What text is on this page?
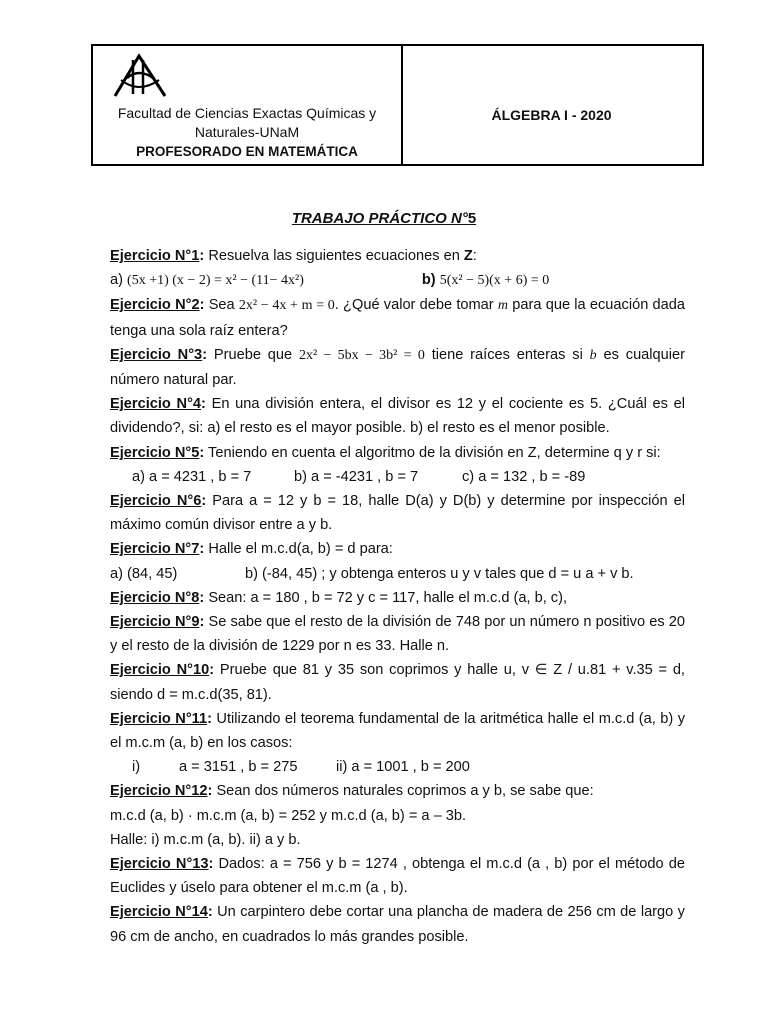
Facultad de Ciencias Exactas Químicas y Naturales-UNaM
PROFESORADO EN MATEMÁTICA
ÁLGEBRA I - 2020
TRABAJO PRÁCTICO N°5

Ejercicio N°1: Resuelva las siguientes ecuaciones en Z:

a) (5x +1) (x − 2) = x² − (11− 4x²)	b) 5(x² − 5)(x + 6) = 0

Ejercicio N°2: Sea 2x² − 4x + m = 0. ¿Qué valor debe tomar m para que la ecuación dada tenga una sola raíz entera?

Ejercicio N°3: Pruebe que 2x² − 5bx − 3b² = 0 tiene raíces enteras si b es cualquier número natural par.

Ejercicio N°4: En una división entera, el divisor es 12 y el cociente es 5. ¿Cuál es el dividendo?, si: a) el resto es el mayor posible. b) el resto es el menor posible.

Ejercicio N°5: Teniendo en cuenta el algoritmo de la división en Z, determine q y r si:

a) a = 4231 , b = 7	b) a = -4231 , b = 7	c) a = 132 , b = -89

Ejercicio N°6: Para a = 12 y b = 18, halle D(a) y D(b) y determine por inspección el máximo común divisor entre a y b.

Ejercicio N°7: Halle el m.c.d(a, b) = d para:

a) (84, 45)	b) (-84, 45) ; y obtenga enteros u y v tales que d = u a + v b.

Ejercicio N°8: Sean: a = 180 , b = 72 y c = 117, halle el m.c.d (a, b, c),

Ejercicio N°9: Se sabe que el resto de la división de 748 por un número n positivo es 20 y el resto de la división de 1229 por n es 33. Halle n.

Ejercicio N°10: Pruebe que 81 y 35 son coprimos y halle u, v ∈ Z / u.81 + v.35 = d, siendo d = m.c.d(35, 81).

Ejercicio N°11: Utilizando el teorema fundamental de la aritmética halle el m.c.d (a, b) y el m.c.m (a, b) en los casos:

i)	a = 3151 , b = 275	ii) a = 1001 , b = 200

Ejercicio N°12: Sean dos números naturales coprimos a y b, se sabe que:

m.c.d (a, b) · m.c.m (a, b) = 252 y m.c.d (a, b) = a – 3b.

Halle: i) m.c.m (a, b). ii) a y b.

Ejercicio N°13: Dados: a = 756 y b = 1274 , obtenga el m.c.d (a , b) por el método de Euclides y úselo para obtener el m.c.m (a , b).

Ejercicio N°14: Un carpintero debe cortar una plancha de madera de 256 cm de largo y 96 cm de ancho, en cuadrados lo más grandes posible.
